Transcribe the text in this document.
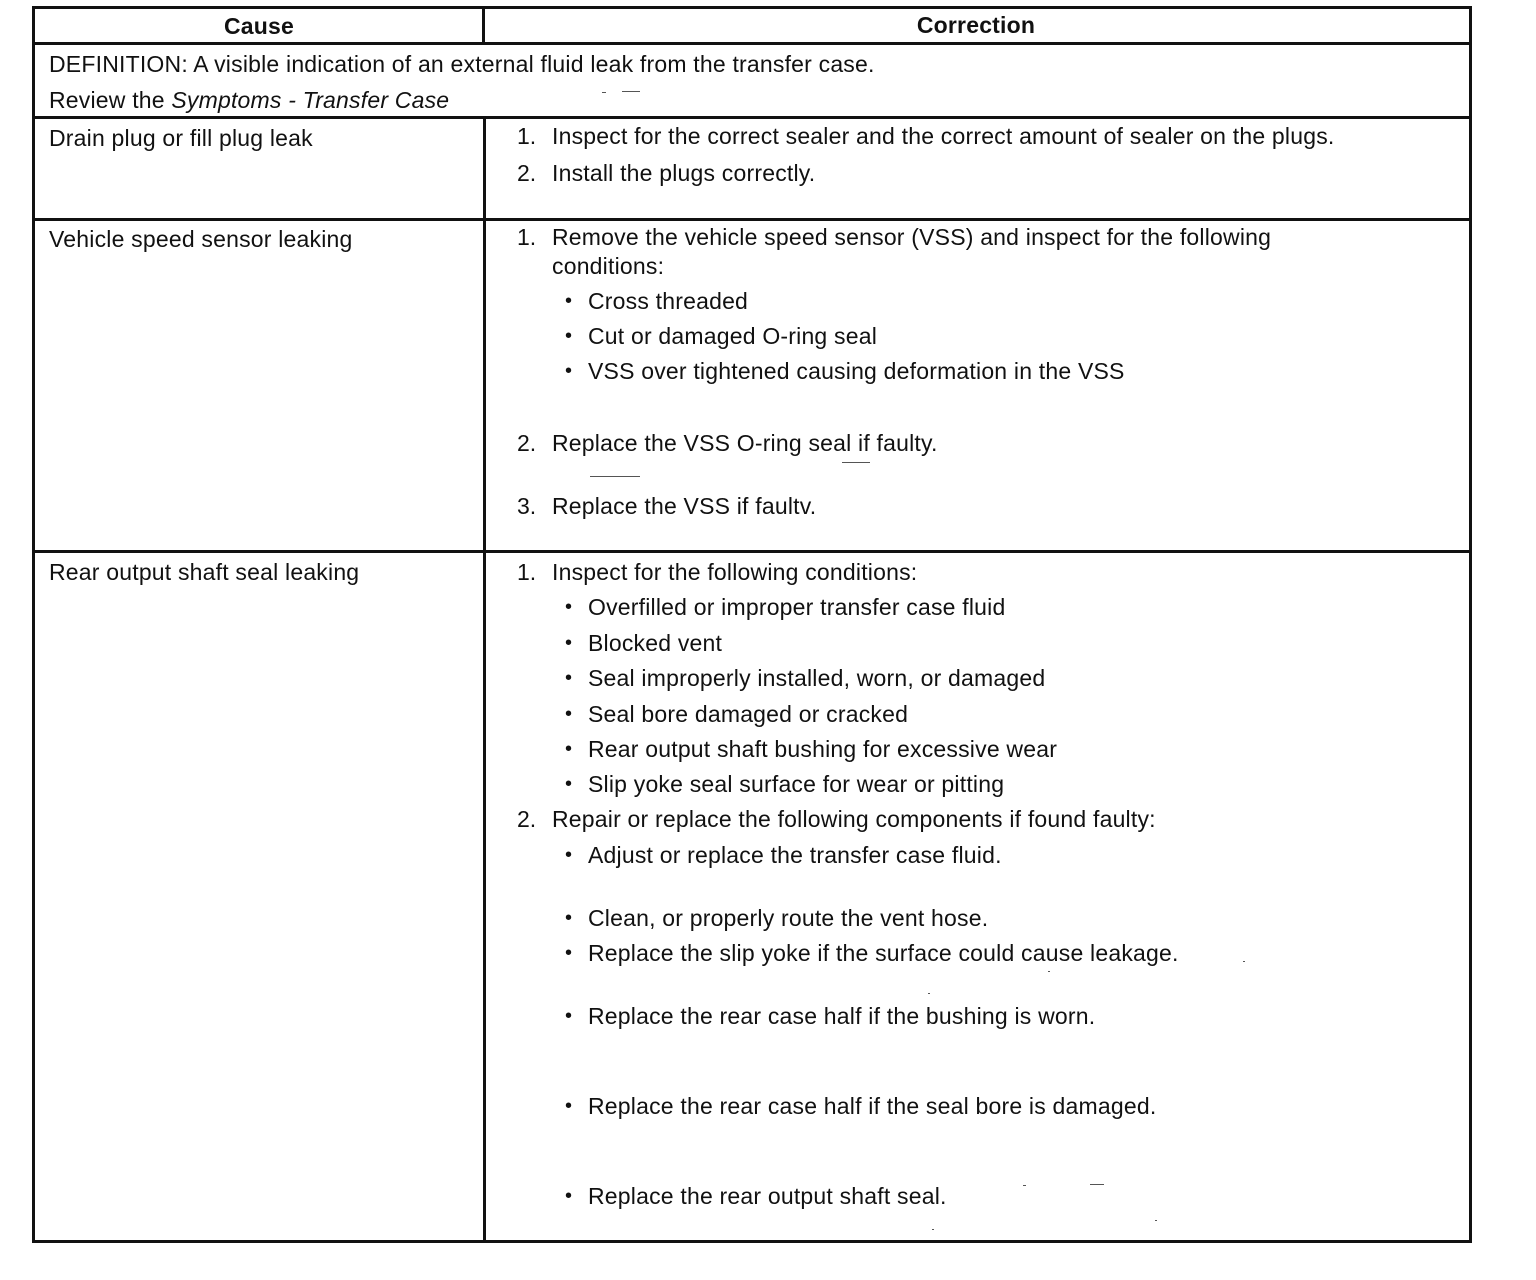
Cause	Correction
DEFINITION: A visible indication of an external fluid leak from the transfer case.
Review the Symptoms - Transfer Case
Drain plug or fill plug leak	1. Inspect for the correct sealer and the correct amount of sealer on the plugs.
2. Install the plugs correctly.
Vehicle speed sensor leaking	1. Remove the vehicle speed sensor (VSS) and inspect for the following
conditions:
• Cross threaded
• Cut or damaged O-ring seal
• VSS over tightened causing deformation in the VSS
2. Replace the VSS O-ring seal if faulty.
3. Replace the VSS if faultv.
Rear output shaft seal leaking	1. Inspect for the following conditions:
• Overfilled or improper transfer case fluid
• Blocked vent
• Seal improperly installed, worn, or damaged
• Seal bore damaged or cracked
• Rear output shaft bushing for excessive wear
• Slip yoke seal surface for wear or pitting
2. Repair or replace the following components if found faulty:
• Adjust or replace the transfer case fluid.
• Clean, or properly route the vent hose.
• Replace the slip yoke if the surface could cause leakage.
• Replace the rear case half if the bushing is worn.
• Replace the rear case half if the seal bore is damaged.
• Replace the rear output shaft seal.
